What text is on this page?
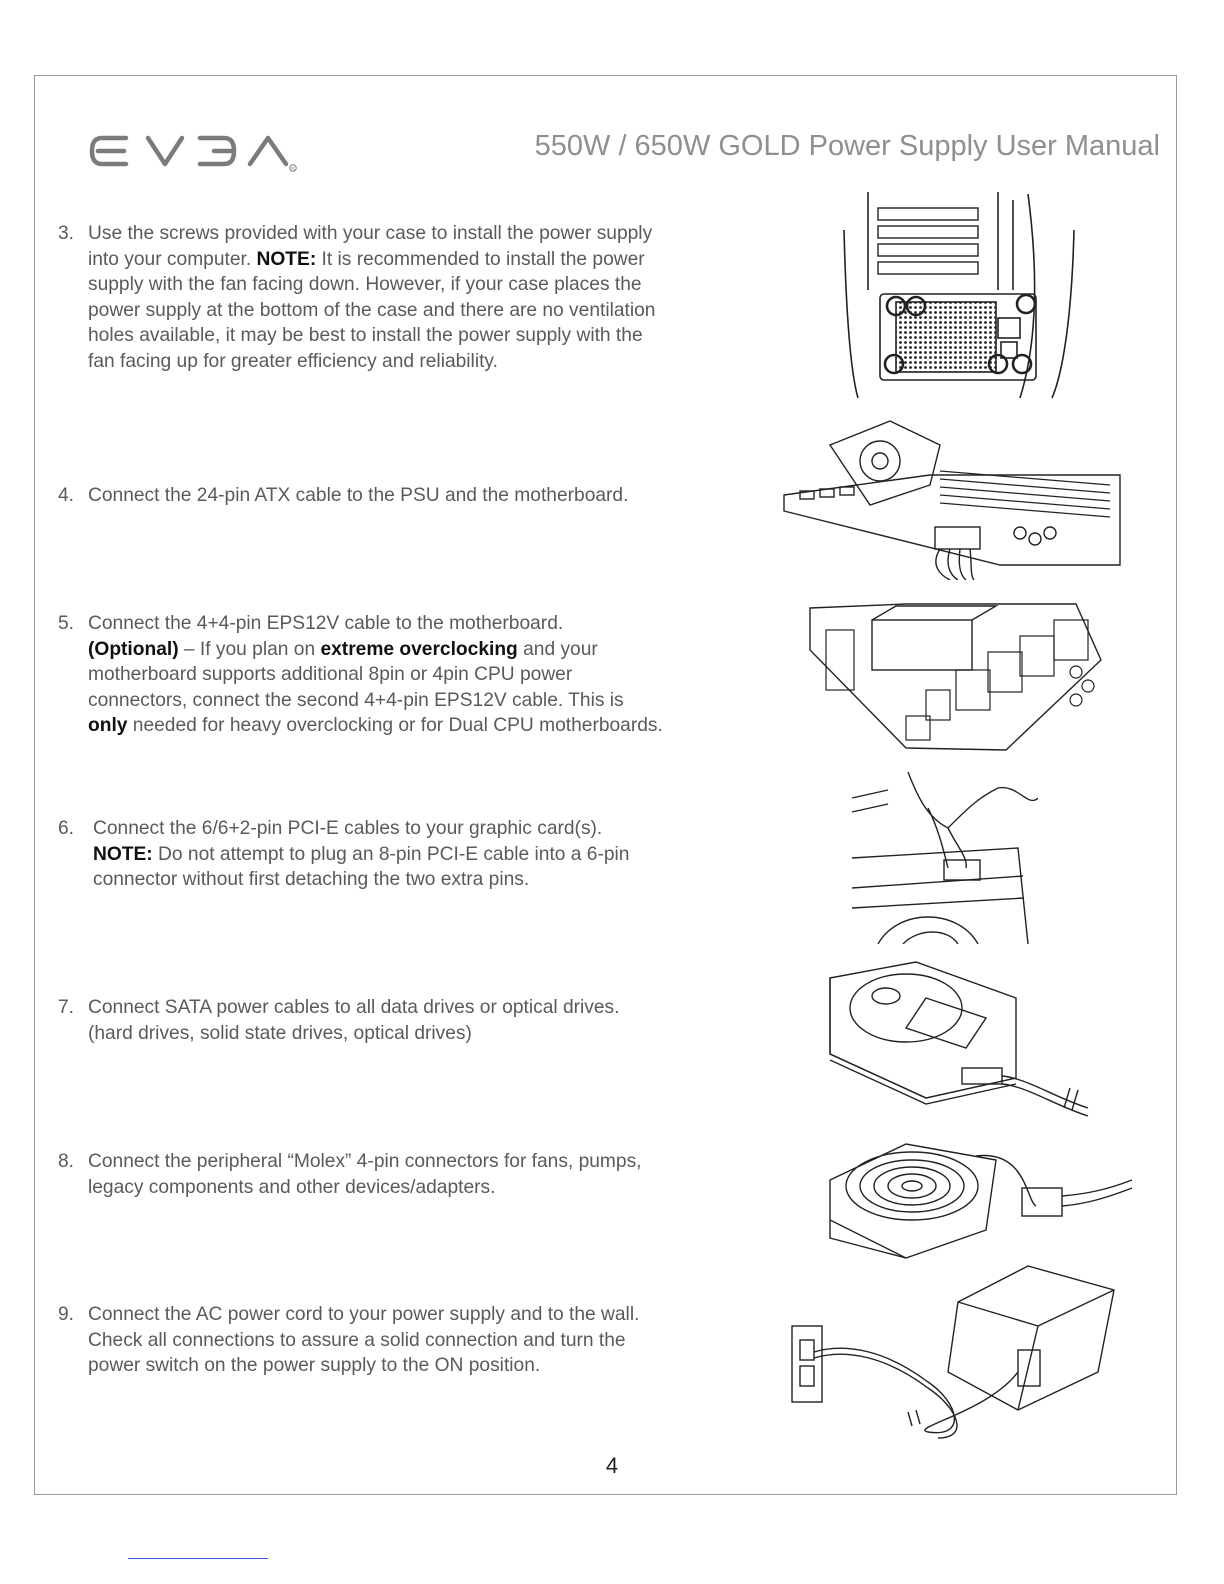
R
550W / 650W GOLD Power Supply User Manual
3. Use the screws provided with your case to install the power supply
into your computer. NOTE: It is recommended to install the power
supply with the fan facing down. However, if your case places the
power supply at the bottom of the case and there are no ventilation
holes available, it may be best to install the power supply with the
fan facing up for greater efficiency and reliability.
4. Connect the 24-pin ATX cable to the PSU and the motherboard.
5. Connect the 4+4-pin EPS12V cable to the motherboard.
(Optional) – If you plan on extreme overclocking and your
motherboard supports additional 8pin or 4pin CPU power
connectors, connect the second 4+4-pin EPS12V cable. This is
only needed for heavy overclocking or for Dual CPU motherboards.
6. Connect the 6/6+2-pin PCI-E cables to your graphic card(s).
NOTE: Do not attempt to plug an 8-pin PCI-E cable into a 6-pin
connector without first detaching the two extra pins.
7. Connect SATA power cables to all data drives or optical drives.
(hard drives, solid state drives, optical drives)
8. Connect the peripheral “Molex” 4-pin connectors for fans, pumps,
legacy components and other devices/adapters.
9. Connect the AC power cord to your power supply and to the wall.
Check all connections to assure a solid connection and turn the
power switch on the power supply to the ON position.
4
